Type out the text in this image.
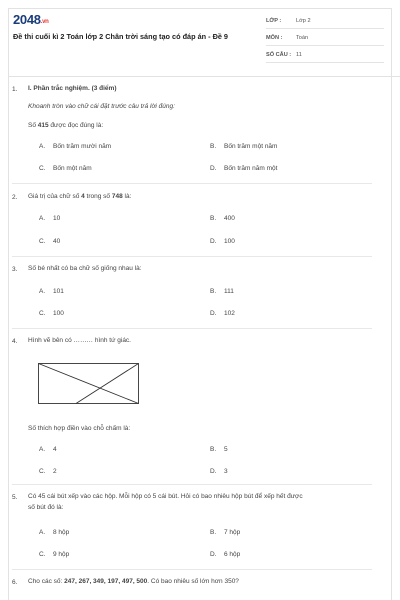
2048.vn
Đề thi cuối kì 2 Toán lớp 2 Chân trời sáng tạo có đáp án - Đề 9
LỚP :	Lớp 2
MÔN : Toán
SỐ CÂU : 11
1. I. Phần trắc nghiệm. (3 điểm)
Khoanh tròn vào chữ cái đặt trước câu trả lời đúng:
Số 415 được đọc đúng là:
A. Bốn trăm mười năm	B. Bốn trăm một năm
C. Bốn một năm	D. Bốn trăm năm một
2. Giá trị của chữ số 4 trong số 748 là:
A. 10	B. 400
C. 40	D. 100
3. Số bé nhất có ba chữ số giống nhau là:
A. 101	B. 111
C. 100	D. 102
4. Hình vẽ bên có ……… hình tứ giác.
Số thích hợp điền vào chỗ chấm là:
A. 4	B. 5
C. 2	D. 3
5. Có 45 cái bút xếp vào các hộp. Mỗi hộp có 5 cái bút. Hỏi có bao nhiêu hộp bút để xếp hết được
số bút đó là:
A. 8 hộp	B. 7 hộp
C. 9 hộp	D. 6 hộp
6. Cho các số: 247, 267, 349, 197, 497, 500. Có bao nhiêu số lớn hơn 350?
